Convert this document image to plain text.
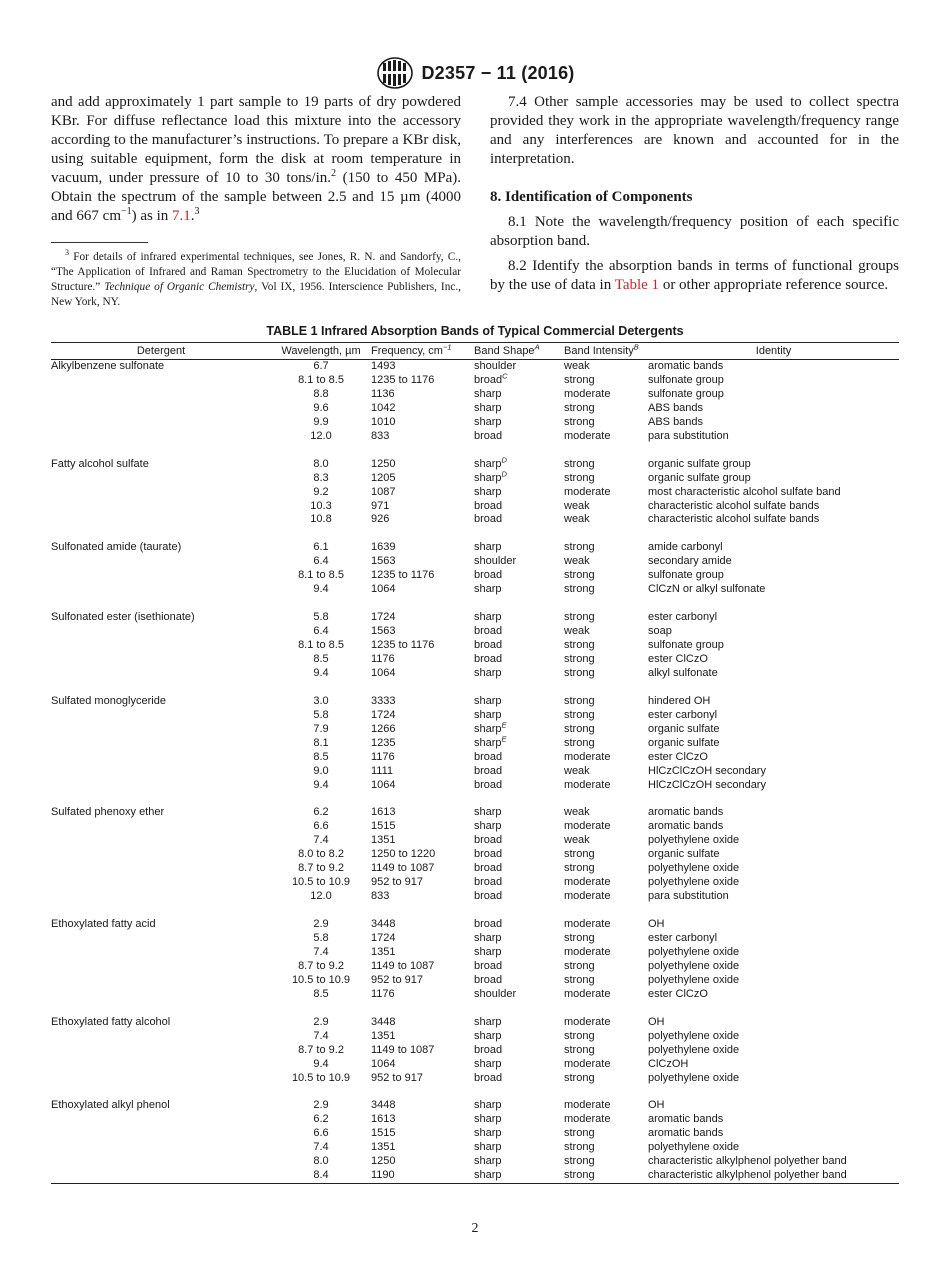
D2357 − 11 (2016)

and add approximately 1 part sample to 19 parts of dry powdered KBr. For diffuse reflectance load this mixture into the accessory according to the manufacturer’s instructions. To prepare a KBr disk, using suitable equipment, form the disk at room temperature in vacuum, under pressure of 10 to 30 tons/in.$^2$ (150 to 450 MPa). Obtain the spectrum of the sample between 2.5 and 15 µm (4000 and 667 $cm^{-1}$) as in 7.1.$^3$

$^3$ For details of infrared experimental techniques, see Jones, R. N. and Sandorfy, C., “The Application of Infrared and Raman Spectrometry to the Elucidation of Molecular Structure.” Technique of Organic Chemistry, Vol IX, 1956. Interscience Publishers, Inc., New York, NY.

7.4 Other sample accessories may be used to collect spectra provided they work in the appropriate wavelength/frequency range and any interferences are known and accounted for in the interpretation.

8. Identification of Components

8.1 Note the wavelength/frequency position of each specific absorption band.

8.2 Identify the absorption bands in terms of functional groups by the use of data in Table 1 or other appropriate reference source.

TABLE 1 Infrared Absorption Bands of Typical Commercial Detergents
Detergent	Wavelength, µm	Frequency, $cm^{-1}$	Band Shape$^A$	Band Intensity$^B$	Identity
Alkylbenzene sulfonate	6.7	1493	shoulder	weak	aromatic bands
	8.1 to 8.5	1235 to 1176	broad$^C$	strong	sulfonate group
	8.8	1136	sharp	moderate	sulfonate group
	9.6	1042	sharp	strong	ABS bands
	9.9	1010	sharp	strong	ABS bands
	12.0	833	broad	moderate	para substitution

Fatty alcohol sulfate	8.0	1250	sharp$^D$	strong	organic sulfate group
	8.3	1205	sharp$^D$	strong	organic sulfate group
	9.2	1087	sharp	moderate	most characteristic alcohol sulfate band
	10.3	971	broad	weak	characteristic alcohol sulfate bands
	10.8	926	broad	weak	characteristic alcohol sulfate bands

Sulfonated amide (taurate)	6.1	1639	sharp	strong	amide carbonyl
	6.4	1563	shoulder	weak	secondary amide
	8.1 to 8.5	1235 to 1176	broad	strong	sulfonate group
	9.4	1064	sharp	strong	ClCzN or alkyl sulfonate

Sulfonated ester (isethionate)	5.8	1724	sharp	strong	ester carbonyl
	6.4	1563	broad	weak	soap
	8.1 to 8.5	1235 to 1176	broad	strong	sulfonate group
	8.5	1176	broad	strong	ester ClCzO
	9.4	1064	sharp	strong	alkyl sulfonate

Sulfated monoglyceride	3.0	3333	sharp	strong	hindered OH
	5.8	1724	sharp	strong	ester carbonyl
	7.9	1266	sharp$^E$	strong	organic sulfate
	8.1	1235	sharp$^E$	strong	organic sulfate
	8.5	1176	broad	moderate	ester ClCzO
	9.0	1111	broad	weak	HlCzClCzOH secondary
	9.4	1064	broad	moderate	HlCzClCzOH secondary

Sulfated phenoxy ether	6.2	1613	sharp	weak	aromatic bands
	6.6	1515	sharp	moderate	aromatic bands
	7.4	1351	broad	weak	polyethylene oxide
	8.0 to 8.2	1250 to 1220	broad	strong	organic sulfate
	8.7 to 9.2	1149 to 1087	broad	strong	polyethylene oxide
	10.5 to 10.9	952 to 917	broad	moderate	polyethylene oxide
	12.0	833	broad	moderate	para substitution

Ethoxylated fatty acid	2.9	3448	broad	moderate	OH
	5.8	1724	sharp	strong	ester carbonyl
	7.4	1351	sharp	moderate	polyethylene oxide
	8.7 to 9.2	1149 to 1087	broad	strong	polyethylene oxide
	10.5 to 10.9	952 to 917	broad	strong	polyethylene oxide
	8.5	1176	shoulder	moderate	ester ClCzO

Ethoxylated fatty alcohol	2.9	3448	sharp	moderate	OH
	7.4	1351	sharp	strong	polyethylene oxide
	8.7 to 9.2	1149 to 1087	broad	strong	polyethylene oxide
	9.4	1064	sharp	moderate	ClCzOH
	10.5 to 10.9	952 to 917	broad	strong	polyethylene oxide

Ethoxylated alkyl phenol	2.9	3448	sharp	moderate	OH
	6.2	1613	sharp	moderate	aromatic bands
	6.6	1515	sharp	strong	aromatic bands
	7.4	1351	sharp	strong	polyethylene oxide
	8.0	1250	sharp	strong	characteristic alkylphenol polyether band
	8.4	1190	sharp	strong	characteristic alkylphenol polyether band
2
